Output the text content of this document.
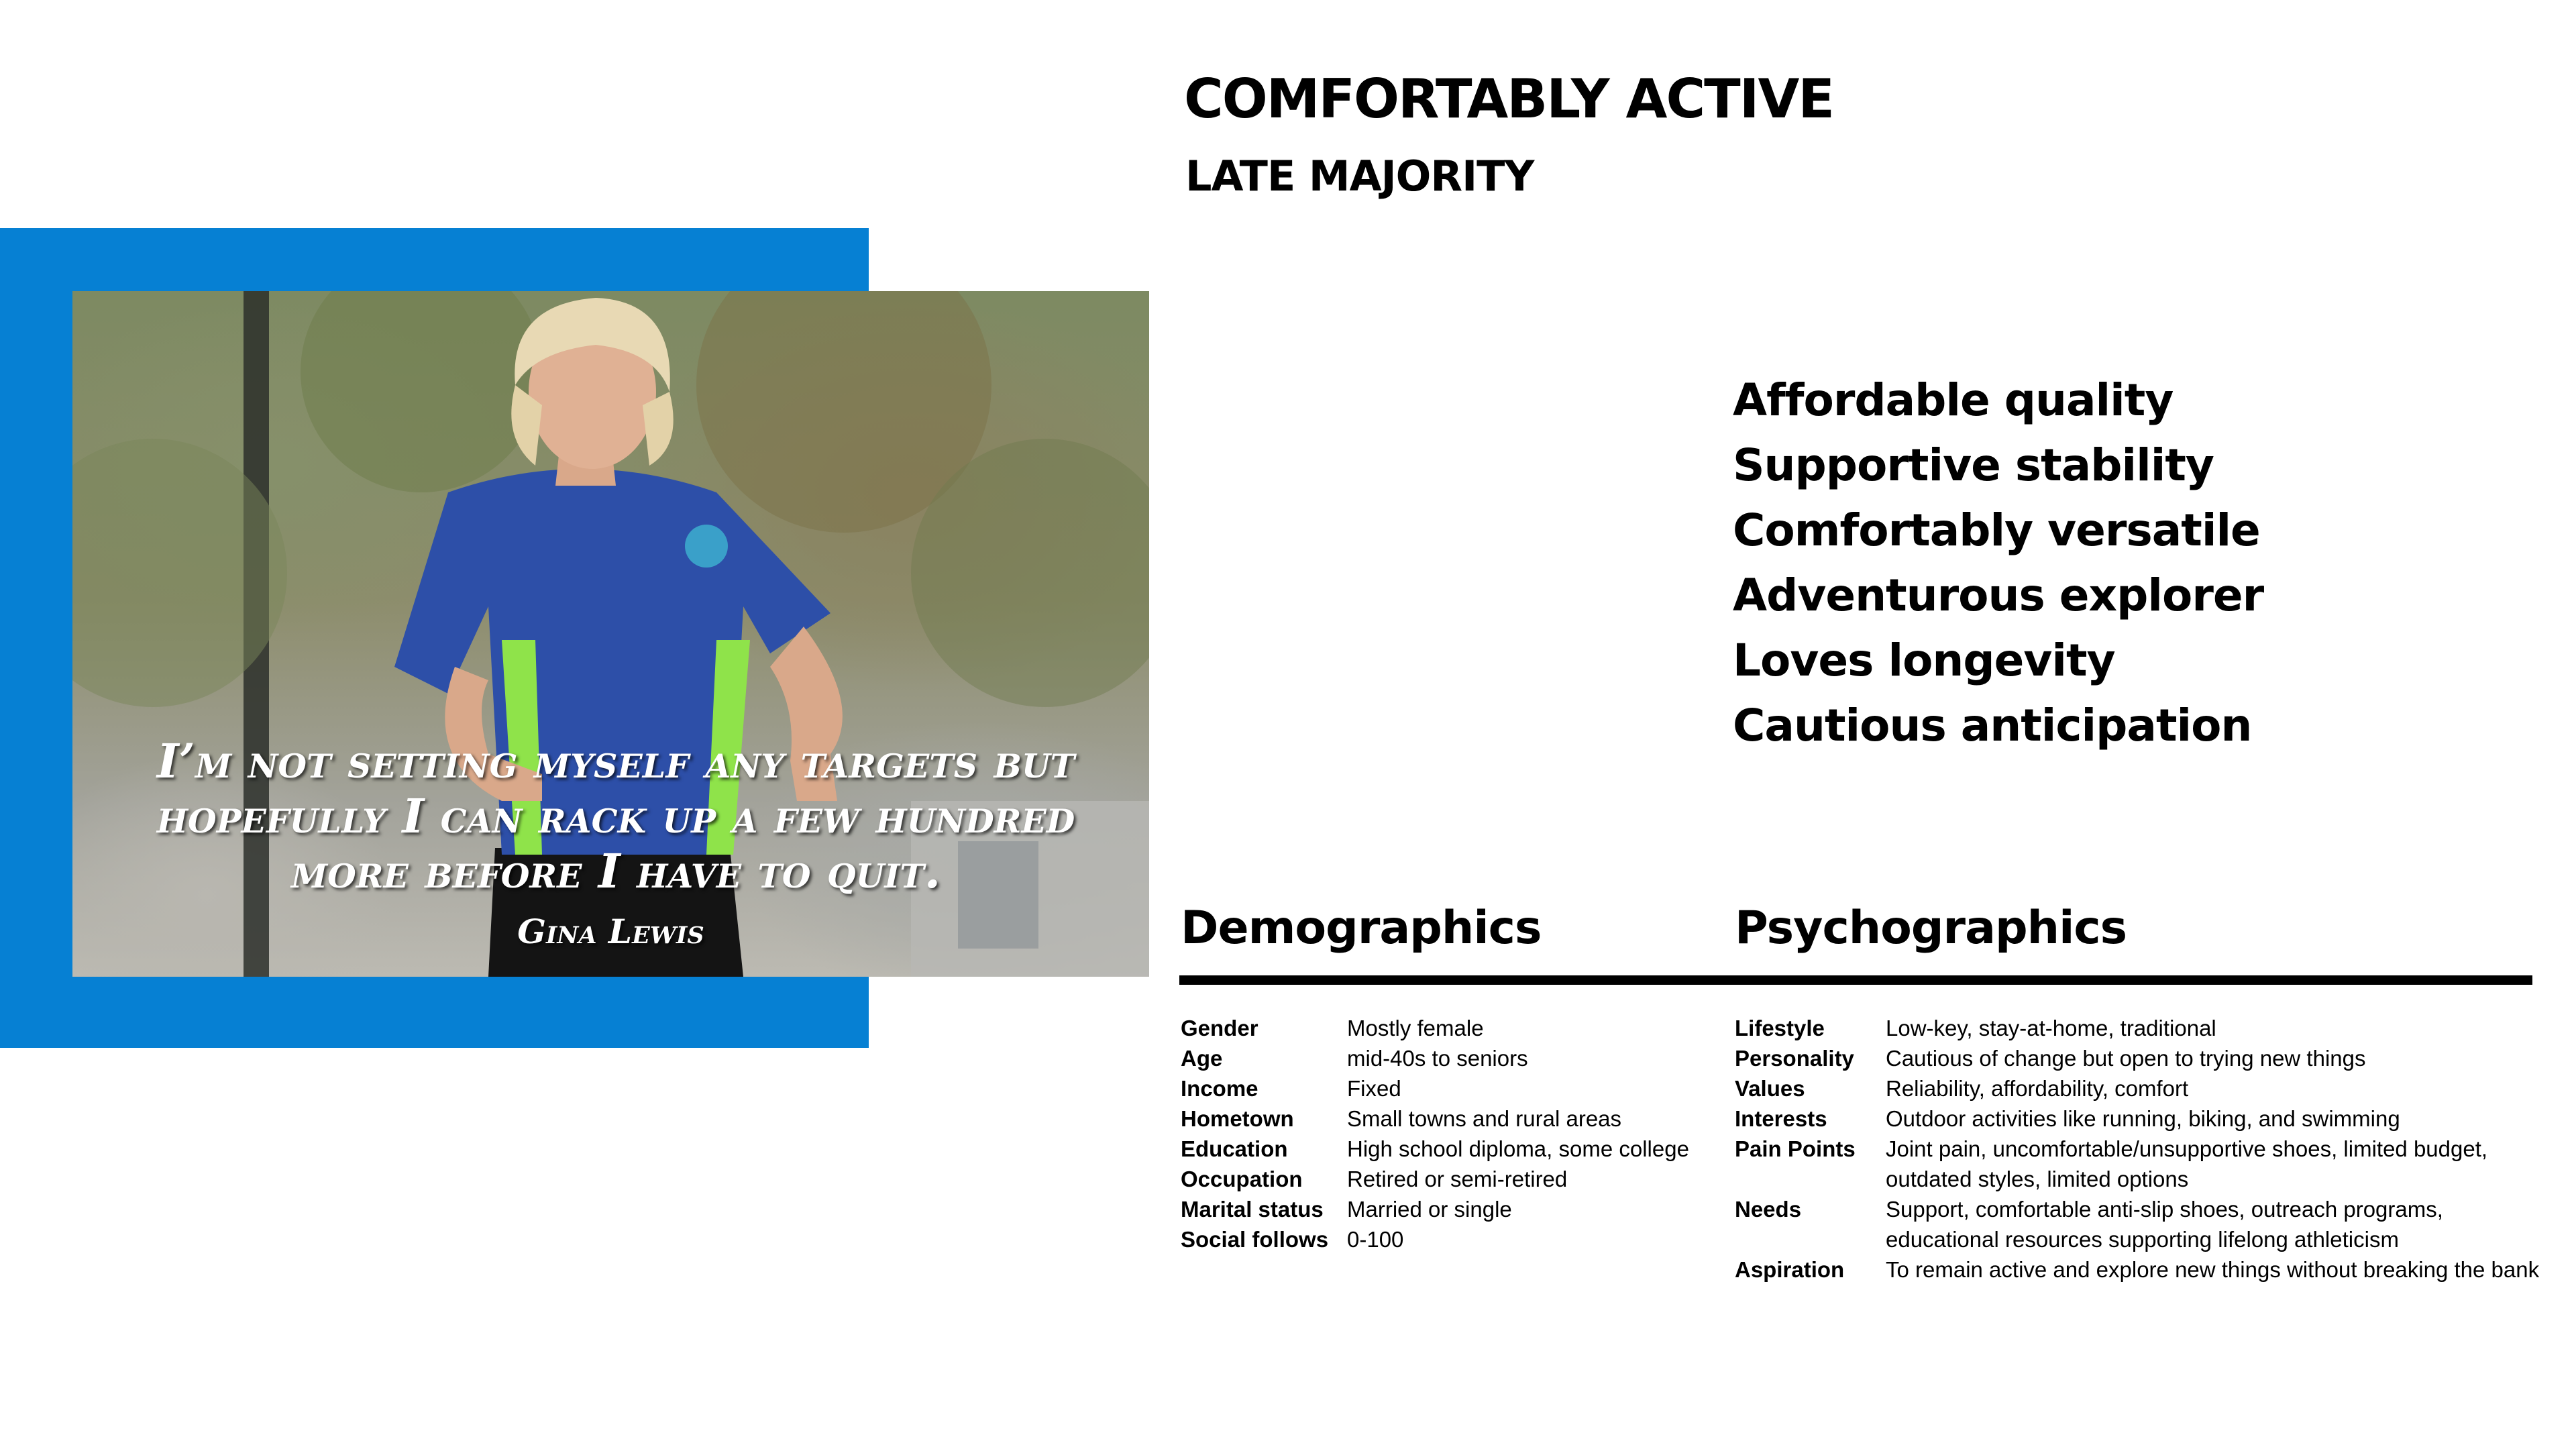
COMFORTABLY ACTIVE
LATE MAJORITY
I’m not setting myself any targets but hopefully I can rack up a few hundred more before I have to quit.
Gina Lewis
Affordable quality
Supportive stability
Comfortably versatile
Adventurous explorer
Loves longevity
Cautious anticipation
Demographics	Psychographics
Gender	Mostly female
Age	mid-40s to seniors
Income	Fixed
Hometown	Small towns and rural areas
Education	High school diploma, some college
Occupation	Retired or semi-retired
Marital status	Married or single
Social follows 0-100
Lifestyle	Low-key, stay-at-home, traditional
Personality	Cautious of change but open to trying new things
Values	Reliability, affordability, comfort
Interests	Outdoor activities like running, biking, and swimming
Pain Points	Joint pain, uncomfortable/unsupportive shoes, limited budget, outdated styles, limited options
Needs	Support, comfortable anti-slip shoes, outreach programs, educational resources supporting lifelong athleticism
Aspiration	To remain active and explore new things without breaking the bank
